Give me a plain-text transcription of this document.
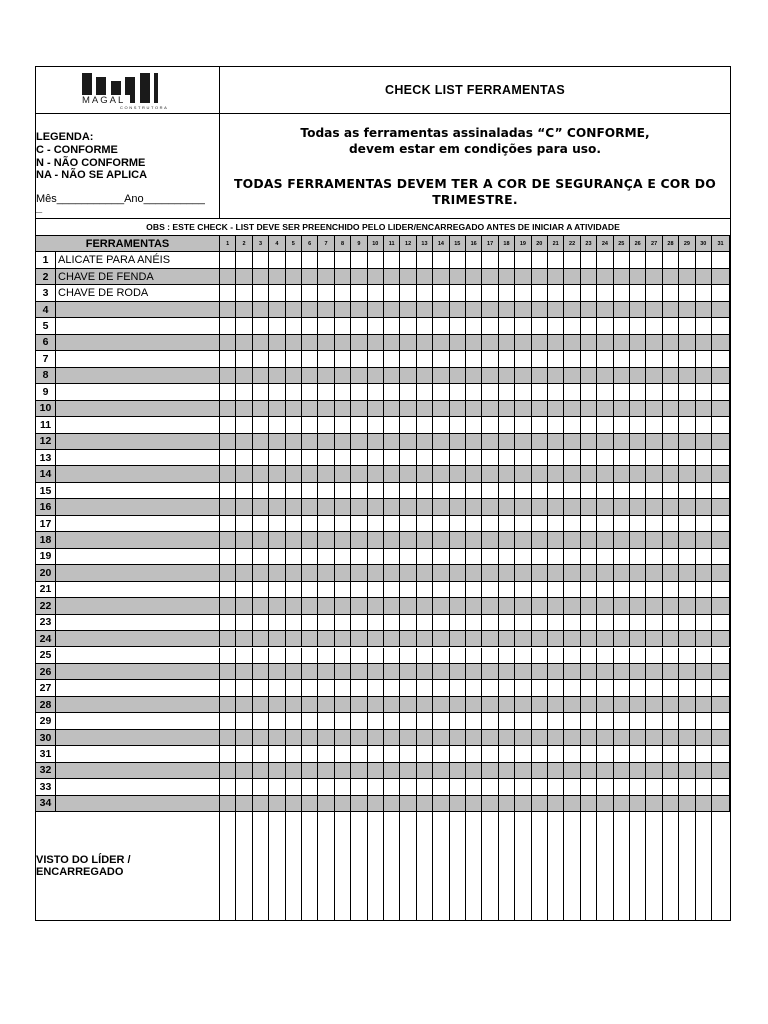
MAGAL
CONSTRUTORA
CHECK LIST FERRAMENTAS
LEGENDA:
C - CONFORME
N - NÃO CONFORME
NA - NÃO SE APLICA
Mês___________Ano__________
_
Todas as ferramentas assinaladas “C” CONFORME,
devem estar em condições para uso.
TODAS FERRAMENTAS DEVEM TER A COR DE SEGURANÇA E COR DO
TRIMESTRE.
OBS : ESTE CHECK - LIST DEVE SER PREENCHIDO PELO LIDER/ENCARREGADO ANTES DE INICIAR A ATIVIDADE
FERRAMENTAS	1	2	3	4	5	6	7	8	9	10	11	12	13	14	15	16	17	18	19	20	21	22	23	24	25	26	27	28	29	30	31
1 ALICATE PARA ANÉIS
2 CHAVE DE FENDA
3 CHAVE DE RODA
4
5
6
7
8
9
10
11
12
13
14
15
16
17
18
19
20
21
22
23
24
25
26
27
28
29
30
31
32
33
34
VISTO DO LÍDER / ENCARREGADO
